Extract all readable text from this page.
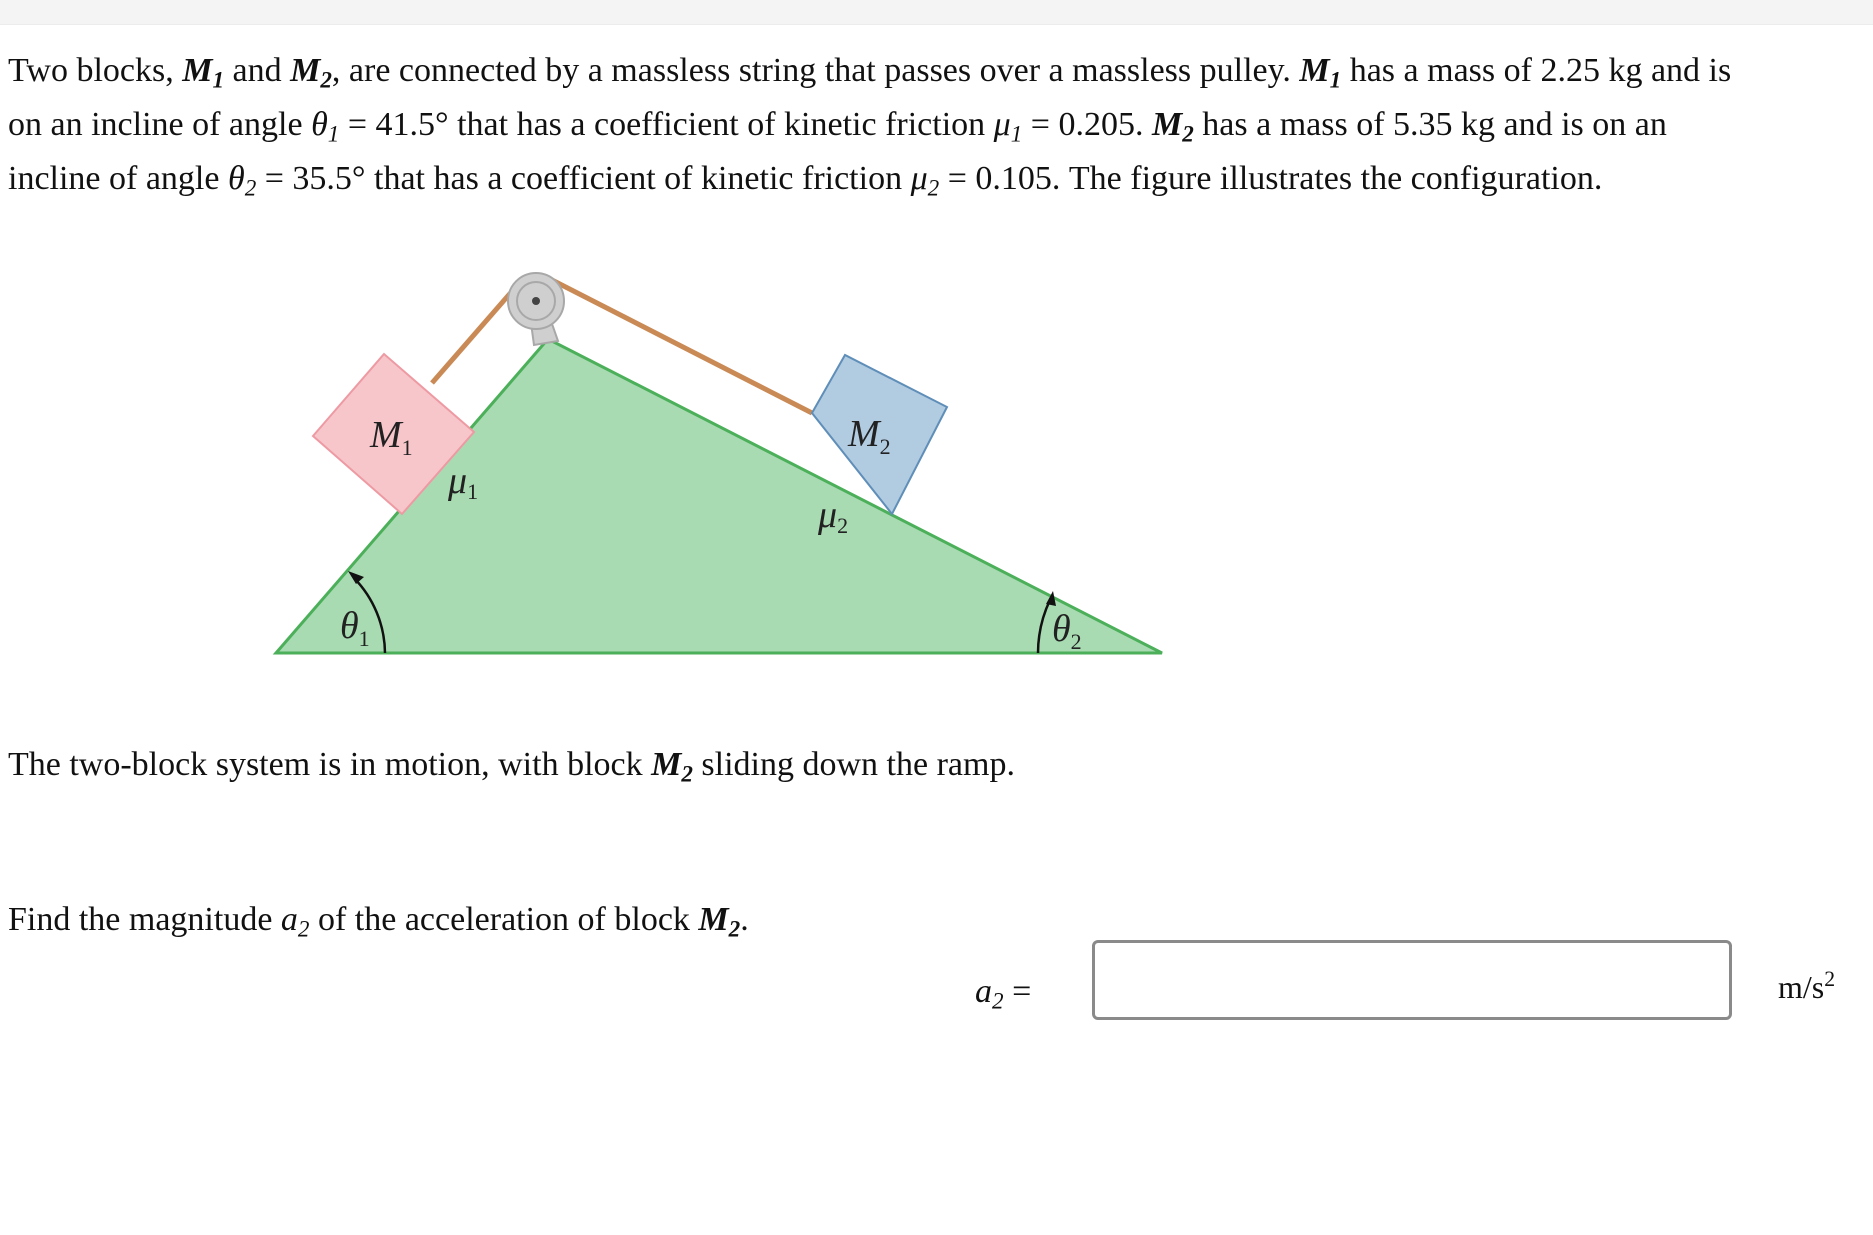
Two blocks, $M_1$ and $M_2$, are connected by a massless string that passes over a massless pulley. $M_1$ has a mass of 2.25 kg and is

on an incline of angle $\theta_1 = 41.5^\circ$ that has a coefficient of kinetic friction $\mu_1 = 0.205$. $M_2$ has a mass of 5.35 kg and is on an

incline of angle $\theta_2 = 35.5^\circ$ that has a coefficient of kinetic friction $\mu_2 = 0.105$. The figure illustrates the configuration.

$M_1$	$M_2$
μ1
μ2
$\theta_1$	$\theta_2$
The two-block system is in motion, with block $M_2$ sliding down the ramp.
Find the magnitude $a_2$ of the acceleration of block $M_2$.
$a_2$ =	$m/s^2$
